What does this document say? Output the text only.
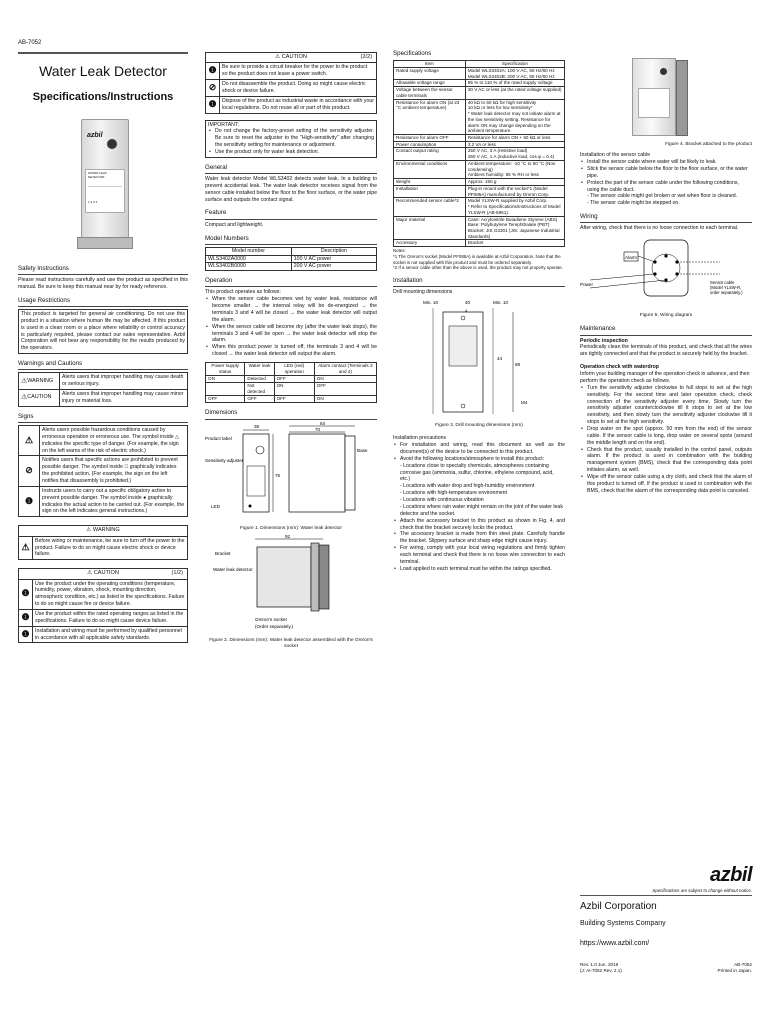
AB-7052
Water Leak Detector
Specifications/Instructions
azbil
WATER LEAK DETECTOR
1 2 3 4
Safety Instructions
Please read instructions carefully and use the product as specified in this manual. Be sure to keep this manual near by for ready reference.
Usage Restrictions
This product is targeted for general air conditioning. Do not use this product in a situation where human life may be affected. If this product is used in a clean room or a place where reliability or control accuracy is particularly required, please contact our sales representative. Azbil Corporation will not bear any responsibility for the results produced by the operators.
Warnings and Cautions
⚠ WARNING
Alerts users that improper handling may cause death or serious injury.
⚠ CAUTION
Alerts users that improper handling may cause minor injury or material loss.
Signs
⚠
Alerts users possible hazardous conditions caused by erroneous operation or erroneous use. The symbol inside △ indicates the specific type of danger. (For example, the sign on the left warns of the risk of electric shock.)
⊘
Notifies users that specific actions are prohibited to prevent possible danger. The symbol inside ⃠ graphically indicates the prohibited action. (For example, the sign on the left notifies that disassembly is prohibited.)
❶
Instructs users to carry out a specific obligatory action to prevent possible danger. The symbol inside ● graphically indicates the actual action to be carried out. (For example, the sign on the left indicates general instructions.)
⚠ WARNING
⚠
Before wiring or maintenance, be sure to turn off the power to the product. Failure to do so might cause electric shock or device failure.
⚠ CAUTION	(1/2)
❶
Use the product under the operating conditions (temperature, humidity, power, vibration, shock, mounting direction, atmospheric condition, etc.) as listed in the specifications. Failure to do so might cause fire or device failure.
❶	Use the product within the rated operating ranges as listed in the specifications. Failure to do so might cause device failure.
❶	Installation and wiring must be performed by qualified personnel in accordance with all applicable safety standards.
⚠ CAUTION	(2/2)
❶	Be sure to provide a circuit breaker for the power to the product so the product does not leave a power switch.
⊘	Do not disassemble the product. Doing so might cause electric shock or device failure.
❶	Dispose of the product as industrial waste in accordance with your local regulations. Do not reuse all or part of this product.
IMPORTANT:
• Do not change the factory-preset setting of the sensitivity adjuster. Be sure to reset the adjuster to the "High-sensitivity" after changing the sensitivity setting for maintenance or adjustment.
• Use the product only for water leak detection.
General
Water leak detector Model WLS3402 detects water leak. In a building to prevent accidental leak. The water leak detector receives signal from the sensor cable installed below the floor to the floor surface, or the water pipe surface and outputs the contact signal.
Feature
Compact and lightweight.
Model Numbers
Model number	Description
WLS3402A0000	100 V AC power
WLS3402B0000	200 V AC power
Operation
This product operates as follows:
• When the sensor cable becomes wet by water leak, resistance will become smaller → the internal relay will be de-energized → the terminals 3 and 4 will be closed → the water leak detector will output the alarm.
• When the sensor cable will become dry (after the water leak stops), the terminals 3 and 4 will be open → the water leak detector will stop the alarm.
• When this product power is turned off, the terminals 3 and 4 will be closed → the water leak detector will output the alarm.
Power supply status	Water leak	LED (red) operation	Alarm contact (Terminals 3 and 4)
ON	Detected	OFF	ON
	Not detected	ON	OFF
OFF	OFF	OFF	ON
Dimensions
Product label
Sensitivity adjuster
LED
38
75
84
70
Base
Figure 1. Dimensions (mm): Water leak detector
92
Bracket
Water leak detector
Omron's socket
(Order separately.)
Figure 2. Dimensions (mm): Water leak detector assembled with the Omron's socket
Specifications
Item	Specification
Rated supply voltage	Model WLS3402A: 100 V AC, 50 Hz/60 Hz
Model WLS3402B: 200 V AC, 50 Hz/60 Hz
Allowable voltage range	85 % to 110 % of the rated supply voltage
Voltage between the sensor cable terminals	30 V AC or less (at the rated voltage supplied)
Resistance for alarm ON (at 23 °C ambient temperature)	40 kΩ to 60 kΩ for high sensitivity
10 kΩ or less for low sensitivity*
* Water leak detector may not initiate alarm at the low sensitivity setting. Resistance for alarm ON may change depending on the ambient temperature.
Resistance for alarm OFF	Resistance for alarm ON + 50 kΩ or less
Power consumption	3.2 VA or less
Contact output rating	250 V AC, 3 A (resistive load)
250 V AC, 1 A (inductive load, cos φ = 0.4)
Environmental conditions	Ambient temperature: -10 °C to 50 °C (Non condensing)
Ambient humidity: 85 % RH or less
Weight	Approx. 150 g
Installation	Plug-in mount with the socket*1 (Model PF085A) manufactured by Omron Corp.
Recommended sensor cable*2	Model YLSW-R supplied by Azbil Corp.
* Refer to Specifications/Instructions of Model YLSW-R (AB-5961).
Major material	Case: Acrylonitrile Butadiene Styrene (ABS)
Base: Polybutylene Terephthalate (PBT)
Bracket: JIS G3301 (JIS: Japanese Industrial Standards)
Accessory	Bracket
Notes:
*1 The Omron's socket (Model PF085A) is available at Azbil Corporation. Note that the socket is not supplied with this product and must be ordered separately.
*2 If a sensor cable other than the above is used, the product may not properly operate.
Installation
Drill mounting dimensions
Min. 10	40	Min. 10
88
44
4
M4
Figure 3. Drill mounting dimensions (mm)
Installation precautions
• For installation and wiring, read this document as well as the document(s) of the device to be connected to this product.
• Avoid the following locations/atmosphere to install this product:
- Locations close to specialty chemicals, atmospheres containing corrosive gas (ammonia, sulfur, chlorine, ethylene compound, acid, etc.)
- Locations with water drop and high-humidity environment
- Locations with high-temperature environment
- Locations with continuous vibration
- Locations where rain water might remain on the joint of the water leak detector and the socket.
• Attach the accessory bracket to this product as shown in Fig. 4, and check that the bracket securely locks the product.
• The accessory bracket is made from thin steel plate. Carefully handle the bracket. Slippery surface and sharp edge might cause injury.
• For wiring, comply with your local wiring regulations and firmly tighten each terminal and check that there is no loose wire connection to each terminal.
• Load applied to each terminal must be within the ratings specified.
Figure 4. Bracket attached to the product
Installation of the sensor cable
• Install the sensor cable where water will be likely to leak.
• Stick the sensor cable below the floor to the floor surface, or the water pipe.
• Protect the part of the sensor cable under the following conditions, using the cable duct.
- The sensor cable might get broken or wet when floor is cleaned.
- The sensor cable might be stepped on.
Wiring
After wiring, check that there is no loose connection to each terminal.
Alarm
Power	Sensor cable (Model YLSW-R, order separately.)
Figure 5. Wiring diagram
Maintenance
Periodic inspection
Periodically clean the terminals of this product, and check that all the wires are tightly connected and that the product is securely held by the bracket.
Operation check with waterdrop
Inform your building manager of the operation check in advance, and then perform the operation check as follows.
• Turn the sensitivity adjuster clockwise to full stops to set at the high sensitivity. For the second time and later operation check, check connection of the sensitivity adjuster every time. Slowly turn the sensitivity adjuster counterclockwise till it stops to set at the low sensitivity, and then slowly turn the sensitivity adjuster clockwise till it stops to set at the high sensitivity.
• Drop water on the spot (approx. 50 mm from the end) of the sensor cable. If the sensor cable is long, drop water on several spots (around the middle length and on the end).
• Check that the product, usually installed in the control panel, outputs alarm. If the product is used in combination with the building management system (BMS), check that the corresponding data point initiates alarm, as well.
• Wipe off the sensor cable using a dry cloth, and check that the alarm of this product is turned off. If the product is used in combination with the BMS, check that the alarm of the corresponding data point is canceled.
azbil
Specifications are subject to change without notice.
Azbil Corporation
Building Systems Company
https://www.azbil.com/
Rev. 1.0 Jun. 2019
(J: AI-7052 Rev. 2.1)
AB-7052
Printed in Japan.
